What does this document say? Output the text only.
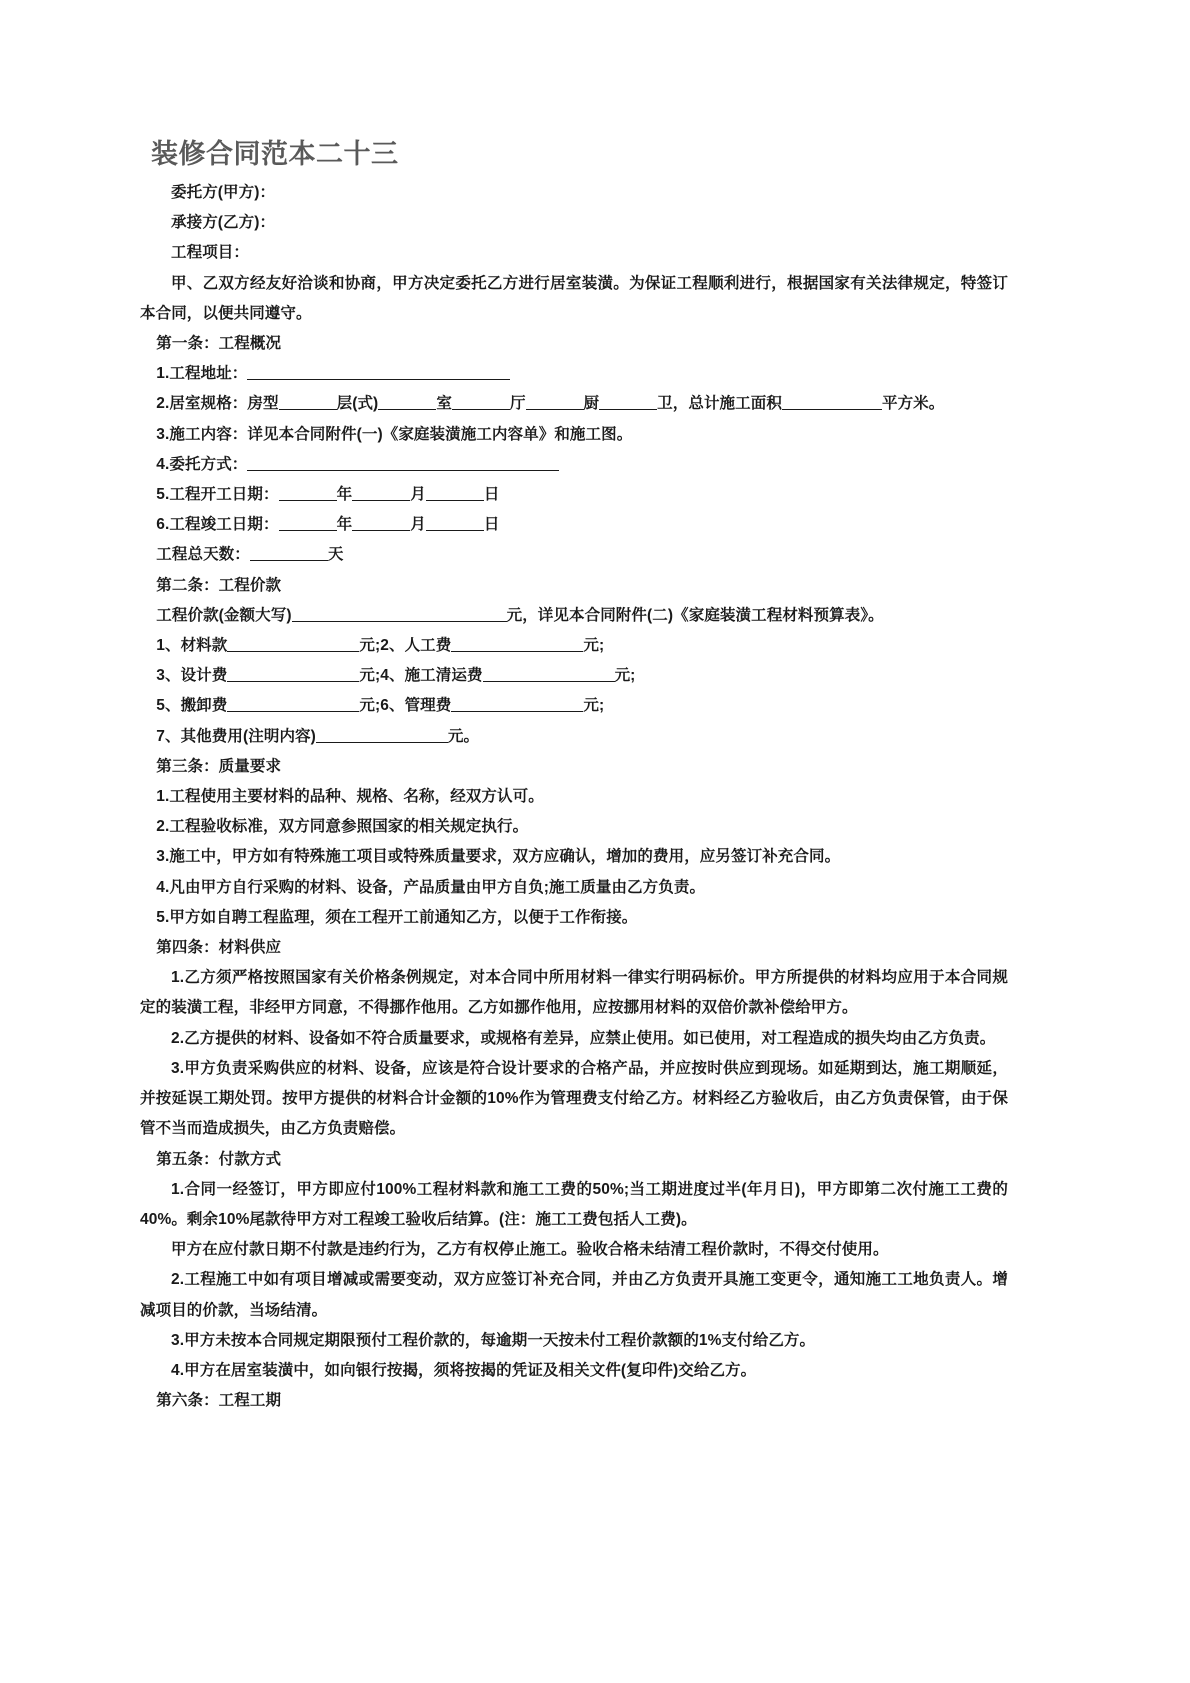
装修合同范本二十三

委托方(甲方)：

承接方(乙方)：

工程项目：

甲、乙双方经友好洽谈和协商，甲方决定委托乙方进行居室装潢。为保证工程顺利进行，根据国家有关法律规定，特签订本合同，以便共同遵守。

第一条：工程概况

1.工程地址：

2.居室规格：房型	层(式)	室	厅	厨	卫，总计施工面积	平方米。

3.施工内容：详见本合同附件(一)《家庭装潢施工内容单》和施工图。

4.委托方式：

5.工程开工日期：	年	月	日

6.工程竣工日期：	年	月	日

工程总天数：	天

第二条：工程价款

工程价款(金额大写)	元，详见本合同附件(二)《家庭装潢工程材料预算表》。

1、材料款	元;2、人工费	元;

3、设计费	元;4、施工清运费	元;

5、搬卸费	元;6、管理费	元;

7、其他费用(注明内容)	元。

第三条：质量要求

1.工程使用主要材料的品种、规格、名称，经双方认可。

2.工程验收标准，双方同意参照国家的相关规定执行。

3.施工中，甲方如有特殊施工项目或特殊质量要求，双方应确认，增加的费用，应另签订补充合同。

4.凡由甲方自行采购的材料、设备，产品质量由甲方自负;施工质量由乙方负责。

5.甲方如自聘工程监理，须在工程开工前通知乙方，以便于工作衔接。

第四条：材料供应

1.乙方须严格按照国家有关价格条例规定，对本合同中所用材料一律实行明码标价。甲方所提供的材料均应用于本合同规定的装潢工程，非经甲方同意，不得挪作他用。乙方如挪作他用，应按挪用材料的双倍价款补偿给甲方。

2.乙方提供的材料、设备如不符合质量要求，或规格有差异，应禁止使用。如已使用，对工程造成的损失均由乙方负责。

3.甲方负责采购供应的材料、设备，应该是符合设计要求的合格产品，并应按时供应到现场。如延期到达，施工期顺延，并按延误工期处罚。按甲方提供的材料合计金额的10%作为管理费支付给乙方。材料经乙方验收后，由乙方负责保管，由于保管不当而造成损失，由乙方负责赔偿。

第五条：付款方式

1.合同一经签订，甲方即应付100%工程材料款和施工工费的50%;当工期进度过半(年月日)，甲方即第二次付施工工费的40%。剩余10%尾款待甲方对工程竣工验收后结算。(注：施工工费包括人工费)。

甲方在应付款日期不付款是违约行为，乙方有权停止施工。验收合格未结清工程价款时，不得交付使用。

2.工程施工中如有项目增减或需要变动，双方应签订补充合同，并由乙方负责开具施工变更令，通知施工工地负责人。增减项目的价款，当场结清。

3.甲方未按本合同规定期限预付工程价款的，每逾期一天按未付工程价款额的1%支付给乙方。

4.甲方在居室装潢中，如向银行按揭，须将按揭的凭证及相关文件(复印件)交给乙方。

第六条：工程工期
